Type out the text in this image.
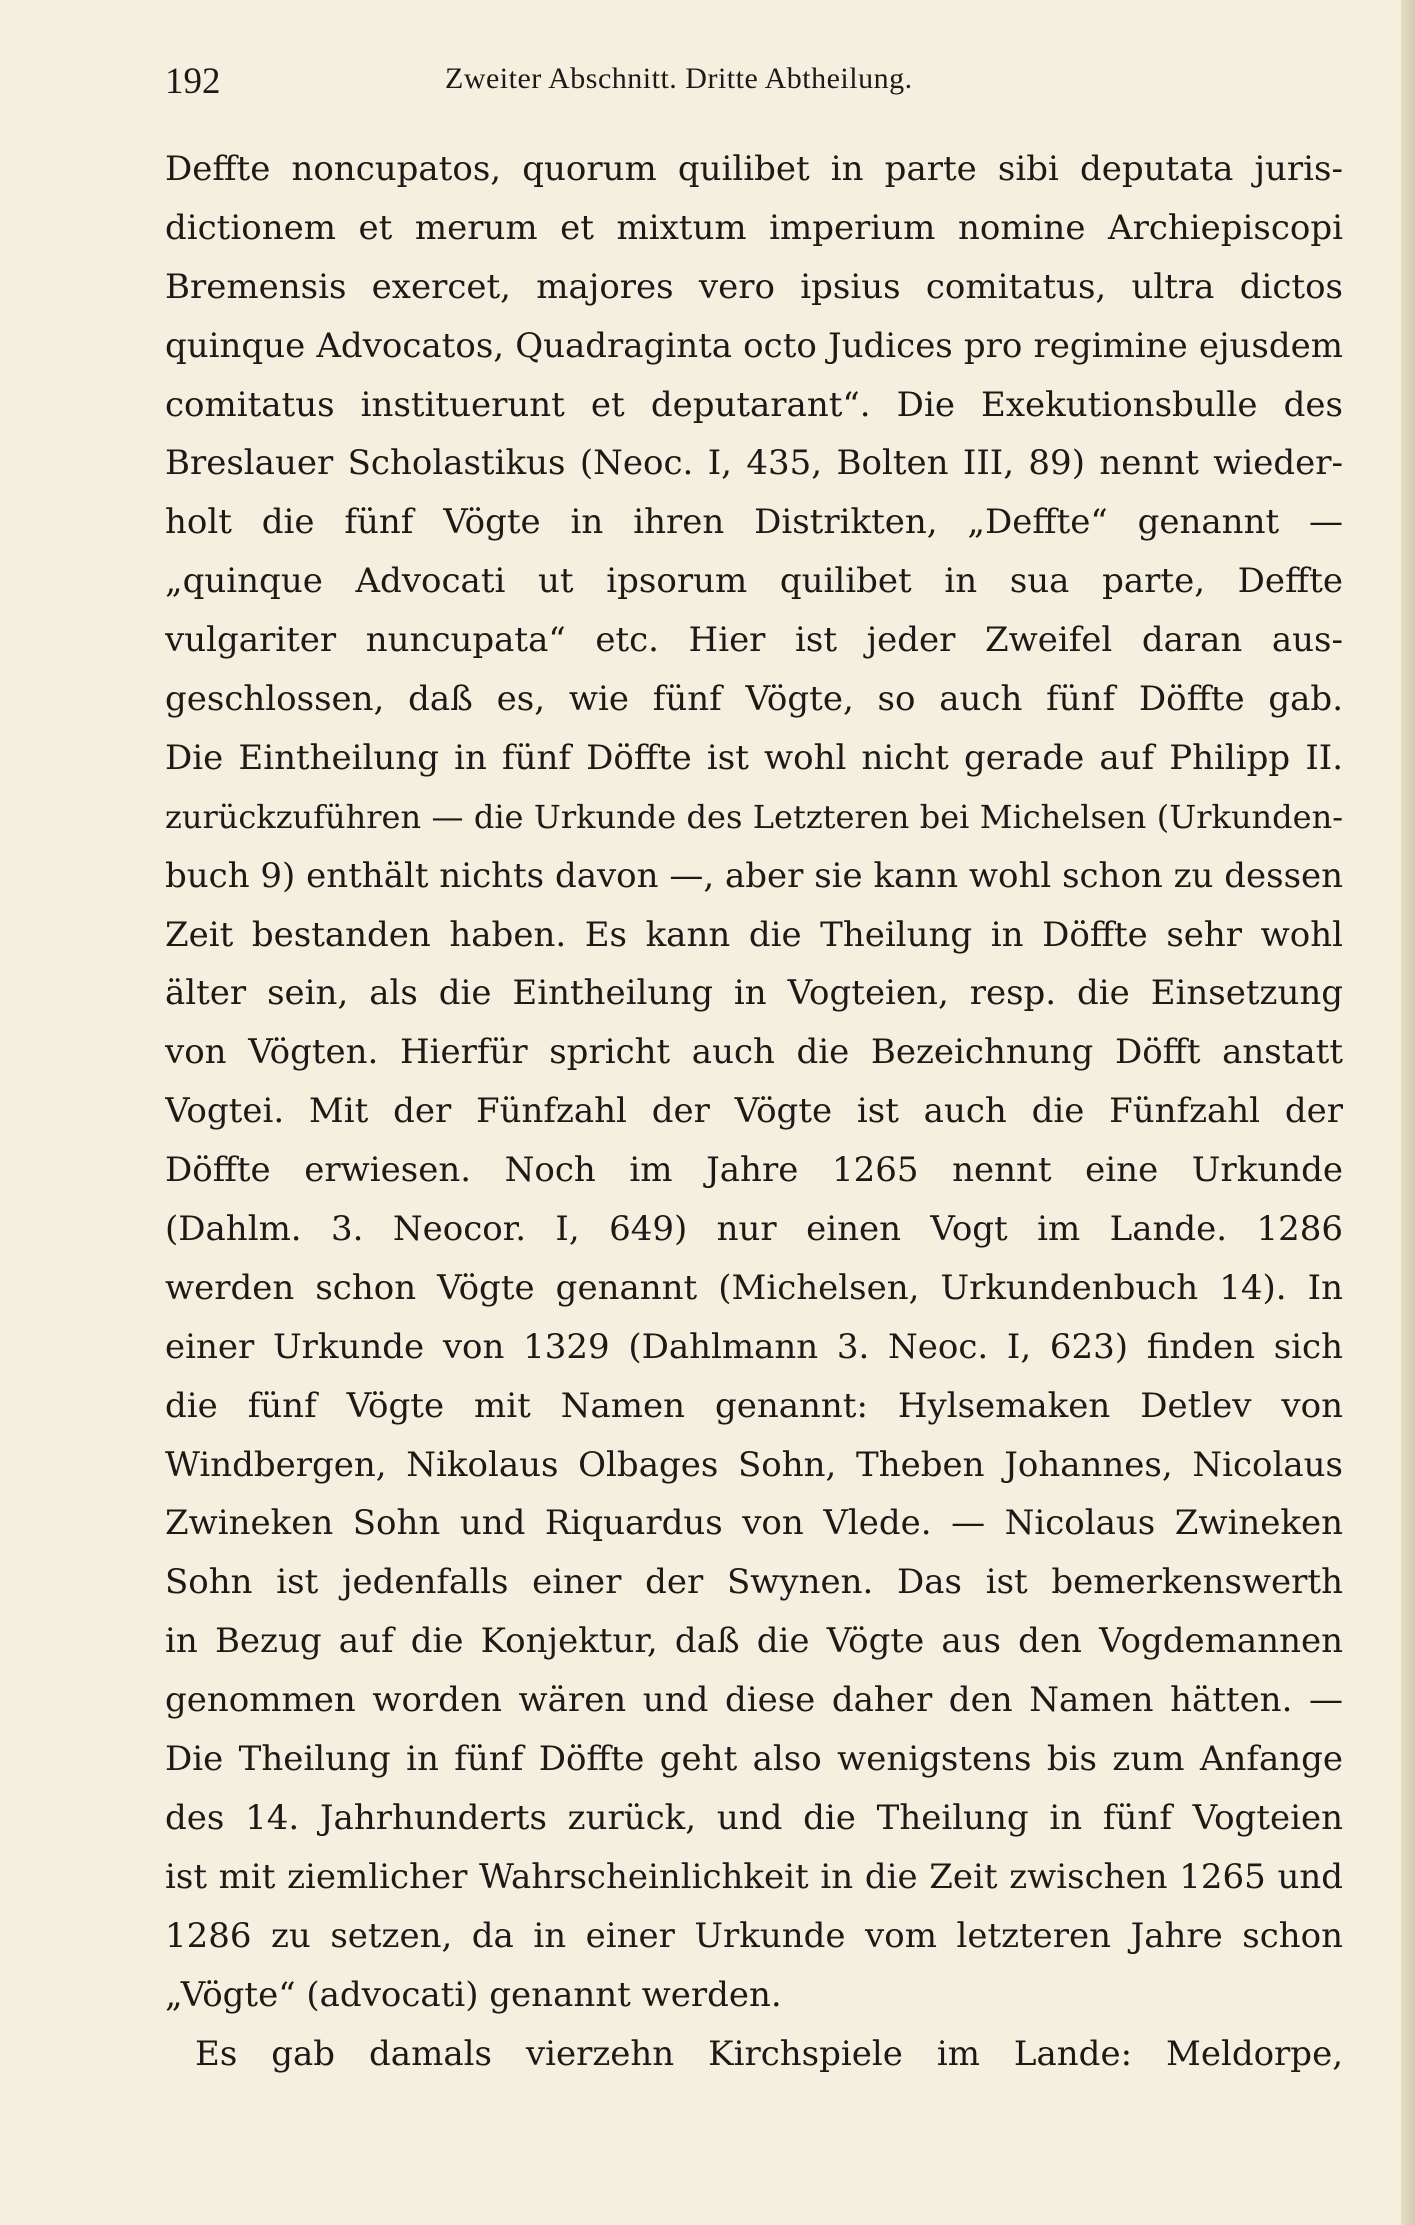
192	Zweiter Abschnitt. Dritte Abtheilung.
Deffte noncupatos, quorum quilibet in parte sibi deputata juris-
dictionem et merum et mixtum imperium nomine Archiepiscopi
Bremensis exercet, majores vero ipsius comitatus, ultra dictos
quinque Advocatos, Quadraginta octo Judices pro regimine ejusdem
comitatus instituerunt et deputarant“. Die Exekutionsbulle des
Breslauer Scholastikus (Neoc. I, 435, Bolten III, 89) nennt wieder-
holt die fünf Vögte in ihren Distrikten, „Deffte“ genannt —
„quinque Advocati ut ipsorum quilibet in sua parte, Deffte
vulgariter nuncupata“ etc. Hier ist jeder Zweifel daran aus-
geschlossen, daß es, wie fünf Vögte, so auch fünf Döffte gab.
Die Eintheilung in fünf Döffte ist wohl nicht gerade auf Philipp II.
zurückzuführen — die Urkunde des Letzteren bei Michelsen (Urkunden-
buch 9) enthält nichts davon —, aber sie kann wohl schon zu dessen
Zeit bestanden haben. Es kann die Theilung in Döffte sehr wohl
älter sein, als die Eintheilung in Vogteien, resp. die Einsetzung
von Vögten. Hierfür spricht auch die Bezeichnung Döfft anstatt
Vogtei. Mit der Fünfzahl der Vögte ist auch die Fünfzahl der
Döffte erwiesen. Noch im Jahre 1265 nennt eine Urkunde
(Dahlm. 3. Neocor. I, 649) nur einen Vogt im Lande. 1286
werden schon Vögte genannt (Michelsen, Urkundenbuch 14). In
einer Urkunde von 1329 (Dahlmann 3. Neoc. I, 623) finden sich
die fünf Vögte mit Namen genannt: Hylsemaken Detlev von
Windbergen, Nikolaus Olbages Sohn, Theben Johannes, Nicolaus
Zwineken Sohn und Riquardus von Vlede. — Nicolaus Zwineken
Sohn ist jedenfalls einer der Swynen. Das ist bemerkenswerth
in Bezug auf die Konjektur, daß die Vögte aus den Vogdemannen
genommen worden wären und diese daher den Namen hätten. —
Die Theilung in fünf Döffte geht also wenigstens bis zum Anfange
des 14. Jahrhunderts zurück, und die Theilung in fünf Vogteien
ist mit ziemlicher Wahrscheinlichkeit in die Zeit zwischen 1265 und
1286 zu setzen, da in einer Urkunde vom letzteren Jahre schon
„Vögte“ (advocati) genannt werden.
Es gab damals vierzehn Kirchspiele im Lande: Meldorpe,
